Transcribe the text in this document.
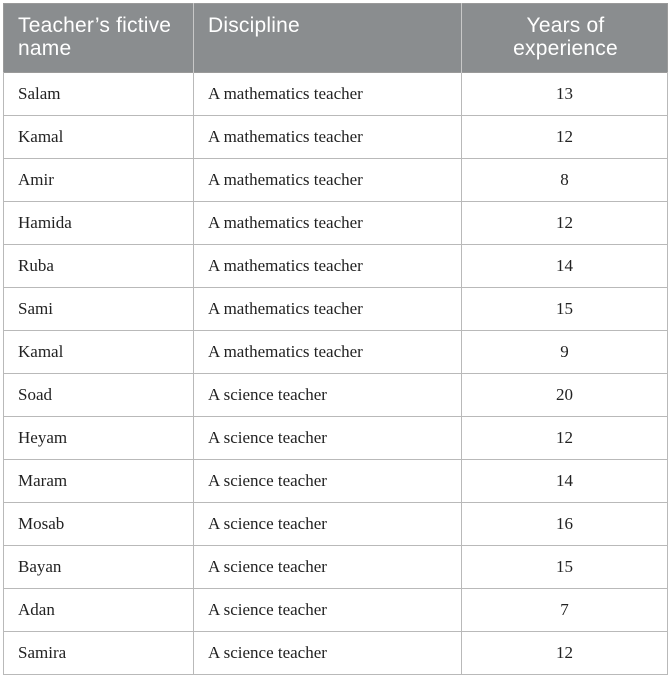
Teacher’s fictive name	Discipline	Years of experience
Salam	A mathematics teacher	13
Kamal	A mathematics teacher	12
Amir	A mathematics teacher	8
Hamida	A mathematics teacher	12
Ruba	A mathematics teacher	14
Sami	A mathematics teacher	15
Kamal	A mathematics teacher	9
Soad	A science teacher	20
Heyam	A science teacher	12
Maram	A science teacher	14
Mosab	A science teacher	16
Bayan	A science teacher	15
Adan	A science teacher	7
Samira	A science teacher	12
